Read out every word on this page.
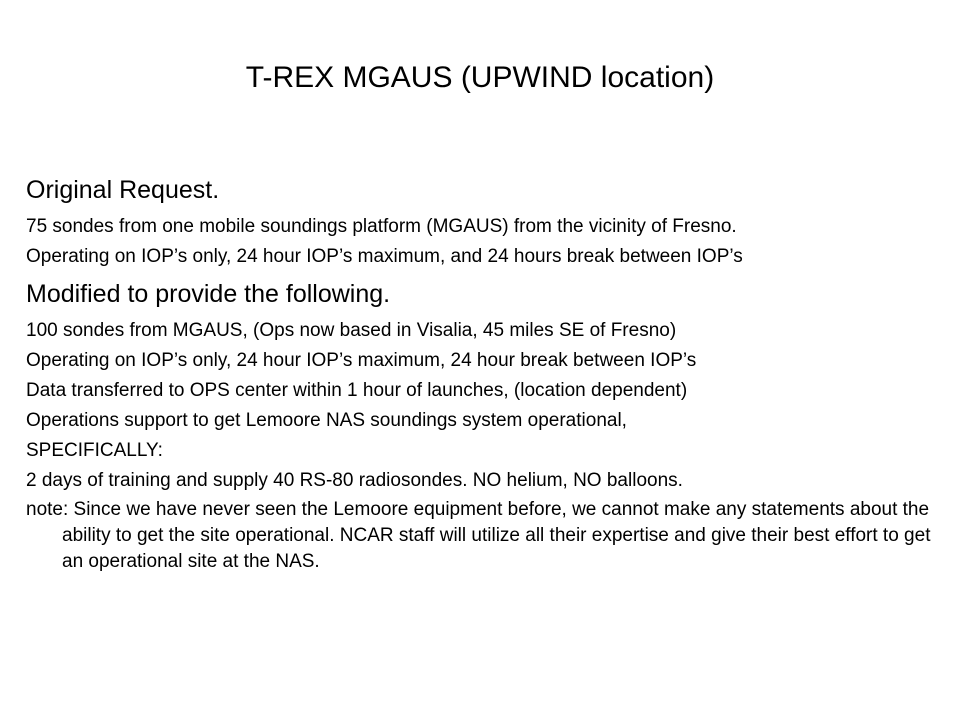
T-REX MGAUS (UPWIND location)
Original Request.
75 sondes from one mobile soundings platform (MGAUS) from the vicinity of Fresno.
Operating on IOP’s only, 24 hour IOP’s maximum, and 24 hours break between IOP’s
Modified to provide the following.
100 sondes from MGAUS, (Ops now based in Visalia, 45 miles SE of Fresno)
Operating on IOP’s only, 24 hour IOP’s maximum, 24 hour break between IOP’s
Data transferred to OPS center within 1 hour of launches, (location dependent)
Operations support to get Lemoore NAS soundings system operational,
SPECIFICALLY:
2 days of training and supply 40 RS-80 radiosondes. NO helium, NO balloons.
note: Since we have never seen the Lemoore equipment before, we cannot make any statements about the ability to get the site operational. NCAR staff will utilize all their expertise and give their best effort to get an operational site at the NAS.
